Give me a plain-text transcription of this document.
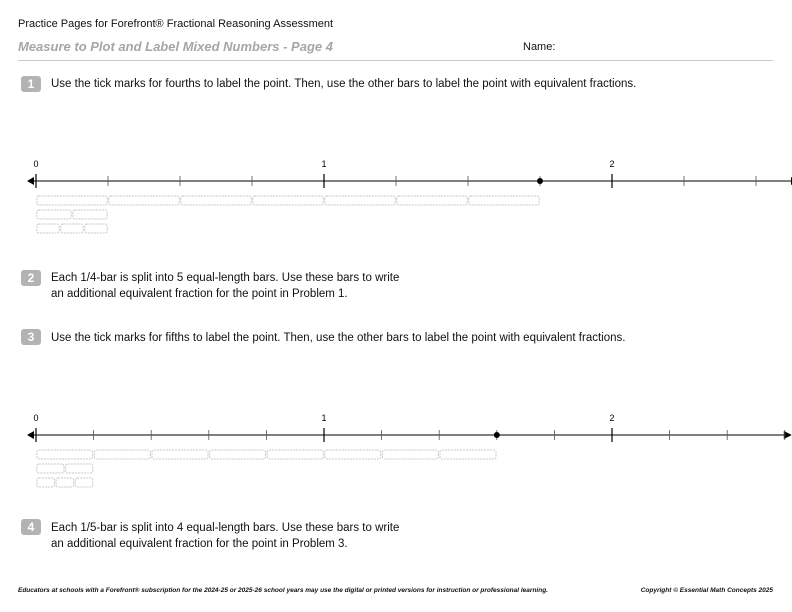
Practice Pages for Forefront® Fractional Reasoning Assessment
Measure to Plot and Label Mixed Numbers - Page 4	Name:
1	Use the tick marks for fourths to label the point. Then, use the other bars to label the point with equivalent fractions.
0	1	2
2	Each 1/4-bar is split into 5 equal-length bars. Use these bars to write
an additional equivalent fraction for the point in Problem 1.
3	Use the tick marks for fifths to label the point. Then, use the other bars to label the point with equivalent fractions.
0	1	2
4	Each 1/5-bar is split into 4 equal-length bars. Use these bars to write
an additional equivalent fraction for the point in Problem 3.
Educators at schools with a Forefront® subscription for the 2024-25 or 2025-26 school years may use the digital or printed versions for instruction or professional learning.	Copyright © Essential Math Concepts 2025
